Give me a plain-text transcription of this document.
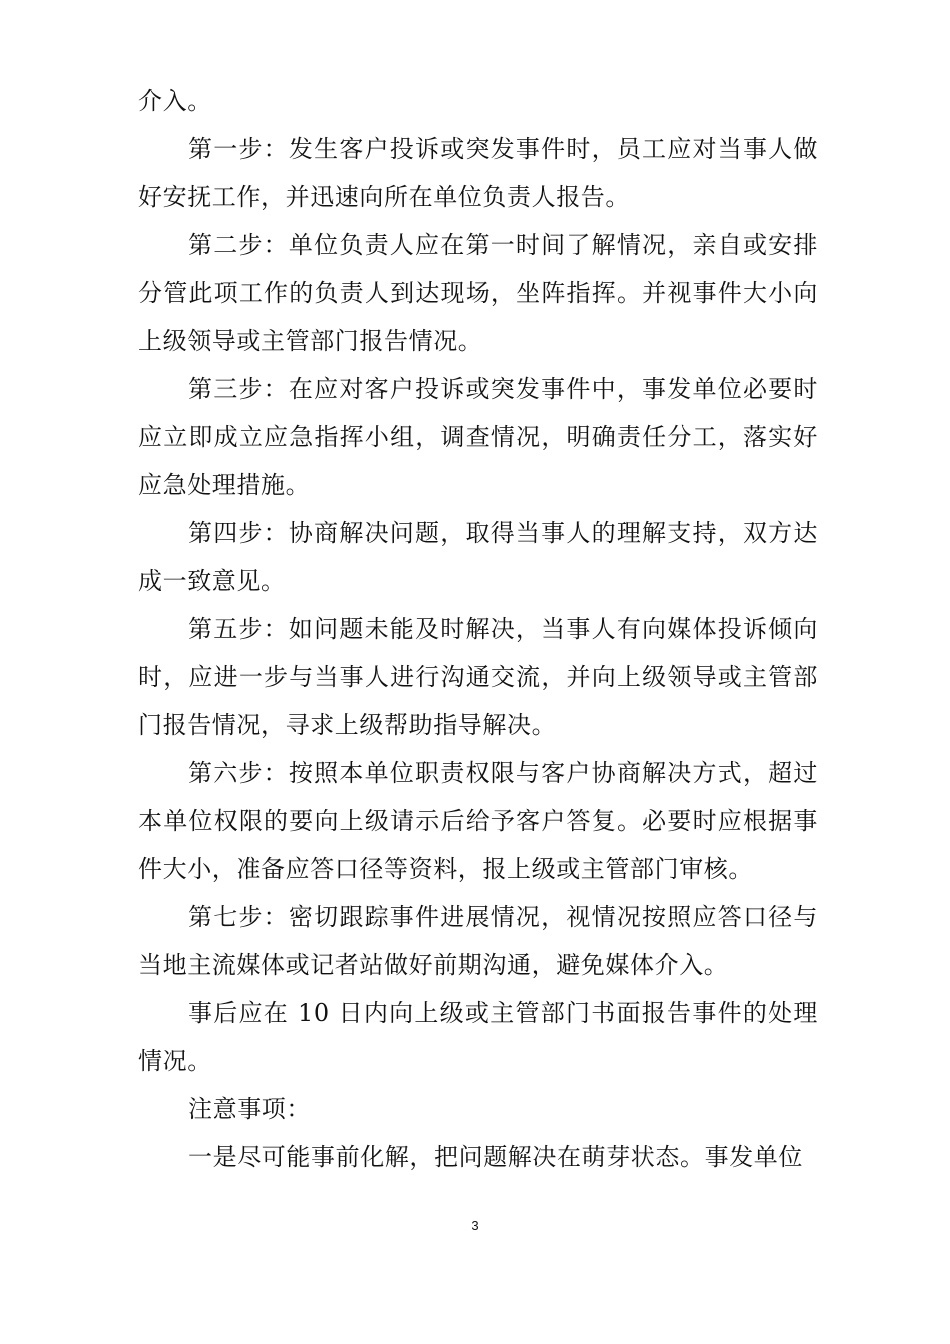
介入。

第一步：发生客户投诉或突发事件时，员工应对当事人做好安抚工作，并迅速向所在单位负责人报告。

第二步：单位负责人应在第一时间了解情况，亲自或安排分管此项工作的负责人到达现场，坐阵指挥。并视事件大小向上级领导或主管部门报告情况。

第三步：在应对客户投诉或突发事件中，事发单位必要时应立即成立应急指挥小组，调查情况，明确责任分工，落实好应急处理措施。

第四步：协商解决问题，取得当事人的理解支持，双方达成一致意见。

第五步：如问题未能及时解决，当事人有向媒体投诉倾向时，应进一步与当事人进行沟通交流，并向上级领导或主管部门报告情况，寻求上级帮助指导解决。

第六步：按照本单位职责权限与客户协商解决方式，超过本单位权限的要向上级请示后给予客户答复。必要时应根据事件大小，准备应答口径等资料，报上级或主管部门审核。

第七步：密切跟踪事件进展情况，视情况按照应答口径与当地主流媒体或记者站做好前期沟通，避免媒体介入。

事后应在 10 日内向上级或主管部门书面报告事件的处理情况。

注意事项：

一是尽可能事前化解，把问题解决在萌芽状态。事发单位

3
